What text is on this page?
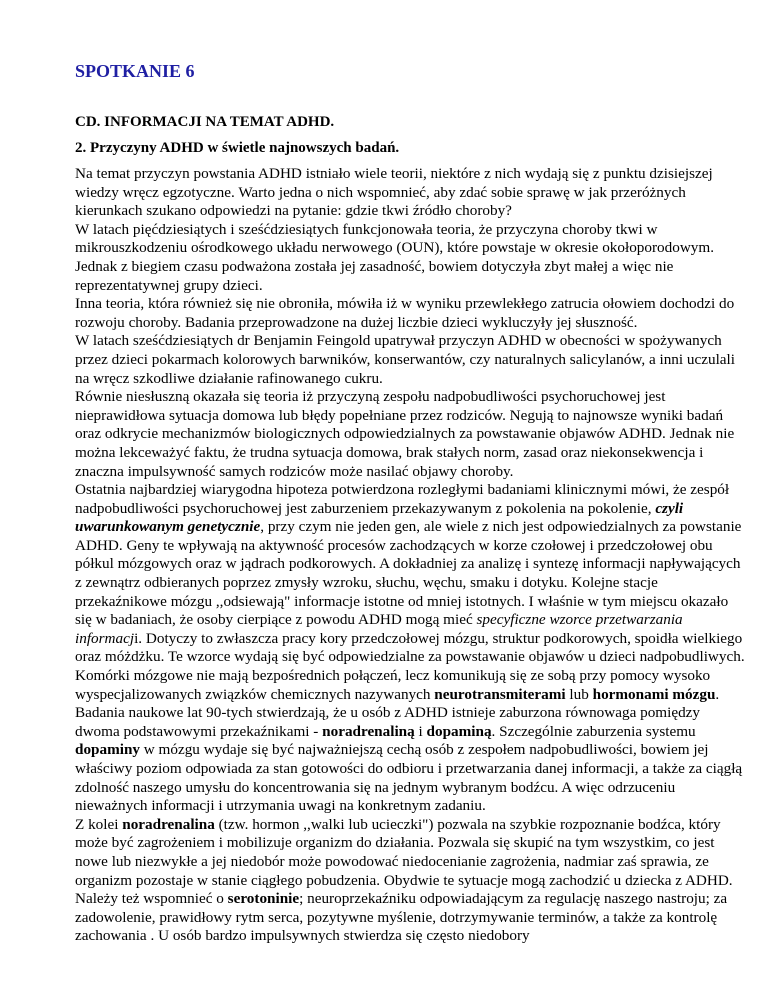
SPOTKANIE 6
CD. INFORMACJI NA TEMAT ADHD.
2. Przyczyny ADHD w świetle najnowszych badań.

Na temat przyczyn powstania ADHD istniało wiele teorii, niektóre z nich wydają się z punktu dzisiejszej wiedzy wręcz egzotyczne. Warto jedna o nich wspomnieć, aby zdać sobie sprawę w jak przeróżnych kierunkach szukano odpowiedzi na pytanie: gdzie tkwi źródło choroby?

W latach pięćdziesiątych i sześćdziesiątych funkcjonowała teoria, że przyczyna choroby tkwi w mikrouszkodzeniu ośrodkowego układu nerwowego (OUN), które powstaje w okresie okołoporodowym. Jednak z biegiem czasu podważona została jej zasadność, bowiem dotyczyła zbyt małej a więc nie reprezentatywnej grupy dzieci.

Inna teoria, która również się nie obroniła, mówiła iż w wyniku przewlekłego zatrucia ołowiem dochodzi do rozwoju choroby. Badania przeprowadzone na dużej liczbie dzieci wykluczyły jej słuszność.

W latach sześćdziesiątych dr Benjamin Feingold upatrywał przyczyn ADHD w obecności w spożywanych przez dzieci pokarmach kolorowych barwników, konserwantów, czy naturalnych salicylanów, a inni uczulali na wręcz szkodliwe działanie rafinowanego cukru.

Równie niesłuszną okazała się teoria iż przyczyną zespołu nadpobudliwości psychoruchowej jest nieprawidłowa sytuacja domowa lub błędy popełniane przez rodziców. Negują to najnowsze wyniki badań oraz odkrycie mechanizmów biologicznych odpowiedzialnych za powstawanie objawów ADHD. Jednak nie można lekceważyć faktu, że trudna sytuacja domowa, brak stałych norm, zasad oraz niekonsekwencja i znaczna impulsywność samych rodziców może nasilać objawy choroby.

Ostatnia najbardziej wiarygodna hipoteza potwierdzona rozległymi badaniami klinicznymi mówi, że zespół nadpobudliwości psychoruchowej jest zaburzeniem przekazywanym z pokolenia na pokolenie, czyli uwarunkowanym genetycznie, przy czym nie jeden gen, ale wiele z nich jest odpowiedzialnych za powstanie ADHD. Geny te wpływają na aktywność procesów zachodzących w korze czołowej i przedczołowej obu półkul mózgowych oraz w jądrach podkorowych. A dokładniej za analizę i syntezę informacji napływających z zewnątrz odbieranych poprzez zmysły wzroku, słuchu, węchu, smaku i dotyku. Kolejne stacje przekaźnikowe mózgu ,,odsiewają" informacje istotne od mniej istotnych. I właśnie w tym miejscu okazało się w badaniach, że osoby cierpiące z powodu ADHD mogą mieć specyficzne wzorce przetwarzania informacji. Dotyczy to zwłaszcza pracy kory przedczołowej mózgu, struktur podkorowych, spoidła wielkiego oraz móżdżku. Te wzorce wydają się być odpowiedzialne za powstawanie objawów u dzieci nadpobudliwych. Komórki mózgowe nie mają bezpośrednich połączeń, lecz komunikują się ze sobą przy pomocy wysoko wyspecjalizowanych związków chemicznych nazywanych neurotransmiterami lub hormonami mózgu.

Badania naukowe lat 90-tych stwierdzają, że u osób z ADHD istnieje zaburzona równowaga pomiędzy dwoma podstawowymi przekaźnikami - noradrenaliną i dopaminą. Szczególnie zaburzenia systemu dopaminy w mózgu wydaje się być najważniejszą cechą osób z zespołem nadpobudliwości, bowiem jej właściwy poziom odpowiada za stan gotowości do odbioru i przetwarzania danej informacji, a także za ciągłą zdolność naszego umysłu do koncentrowania się na jednym wybranym bodźcu. A więc odrzuceniu nieważnych informacji i utrzymania uwagi na konkretnym zadaniu.

Z kolei noradrenalina (tzw. hormon ,,walki lub ucieczki") pozwala na szybkie rozpoznanie bodźca, który może być zagrożeniem i mobilizuje organizm do działania. Pozwala się skupić na tym wszystkim, co jest nowe lub niezwykłe a jej niedobór może powodować niedocenianie zagrożenia, nadmiar zaś sprawia, ze organizm pozostaje w stanie ciągłego pobudzenia. Obydwie te sytuacje mogą zachodzić u dziecka z ADHD.

Należy też wspomnieć o serotoninie; neuroprzekaźniku odpowiadającym za regulację naszego nastroju; za zadowolenie, prawidłowy rytm serca, pozytywne myślenie, dotrzymywanie terminów, a także za kontrolę zachowania . U osób bardzo impulsywnych stwierdza się często niedobory
